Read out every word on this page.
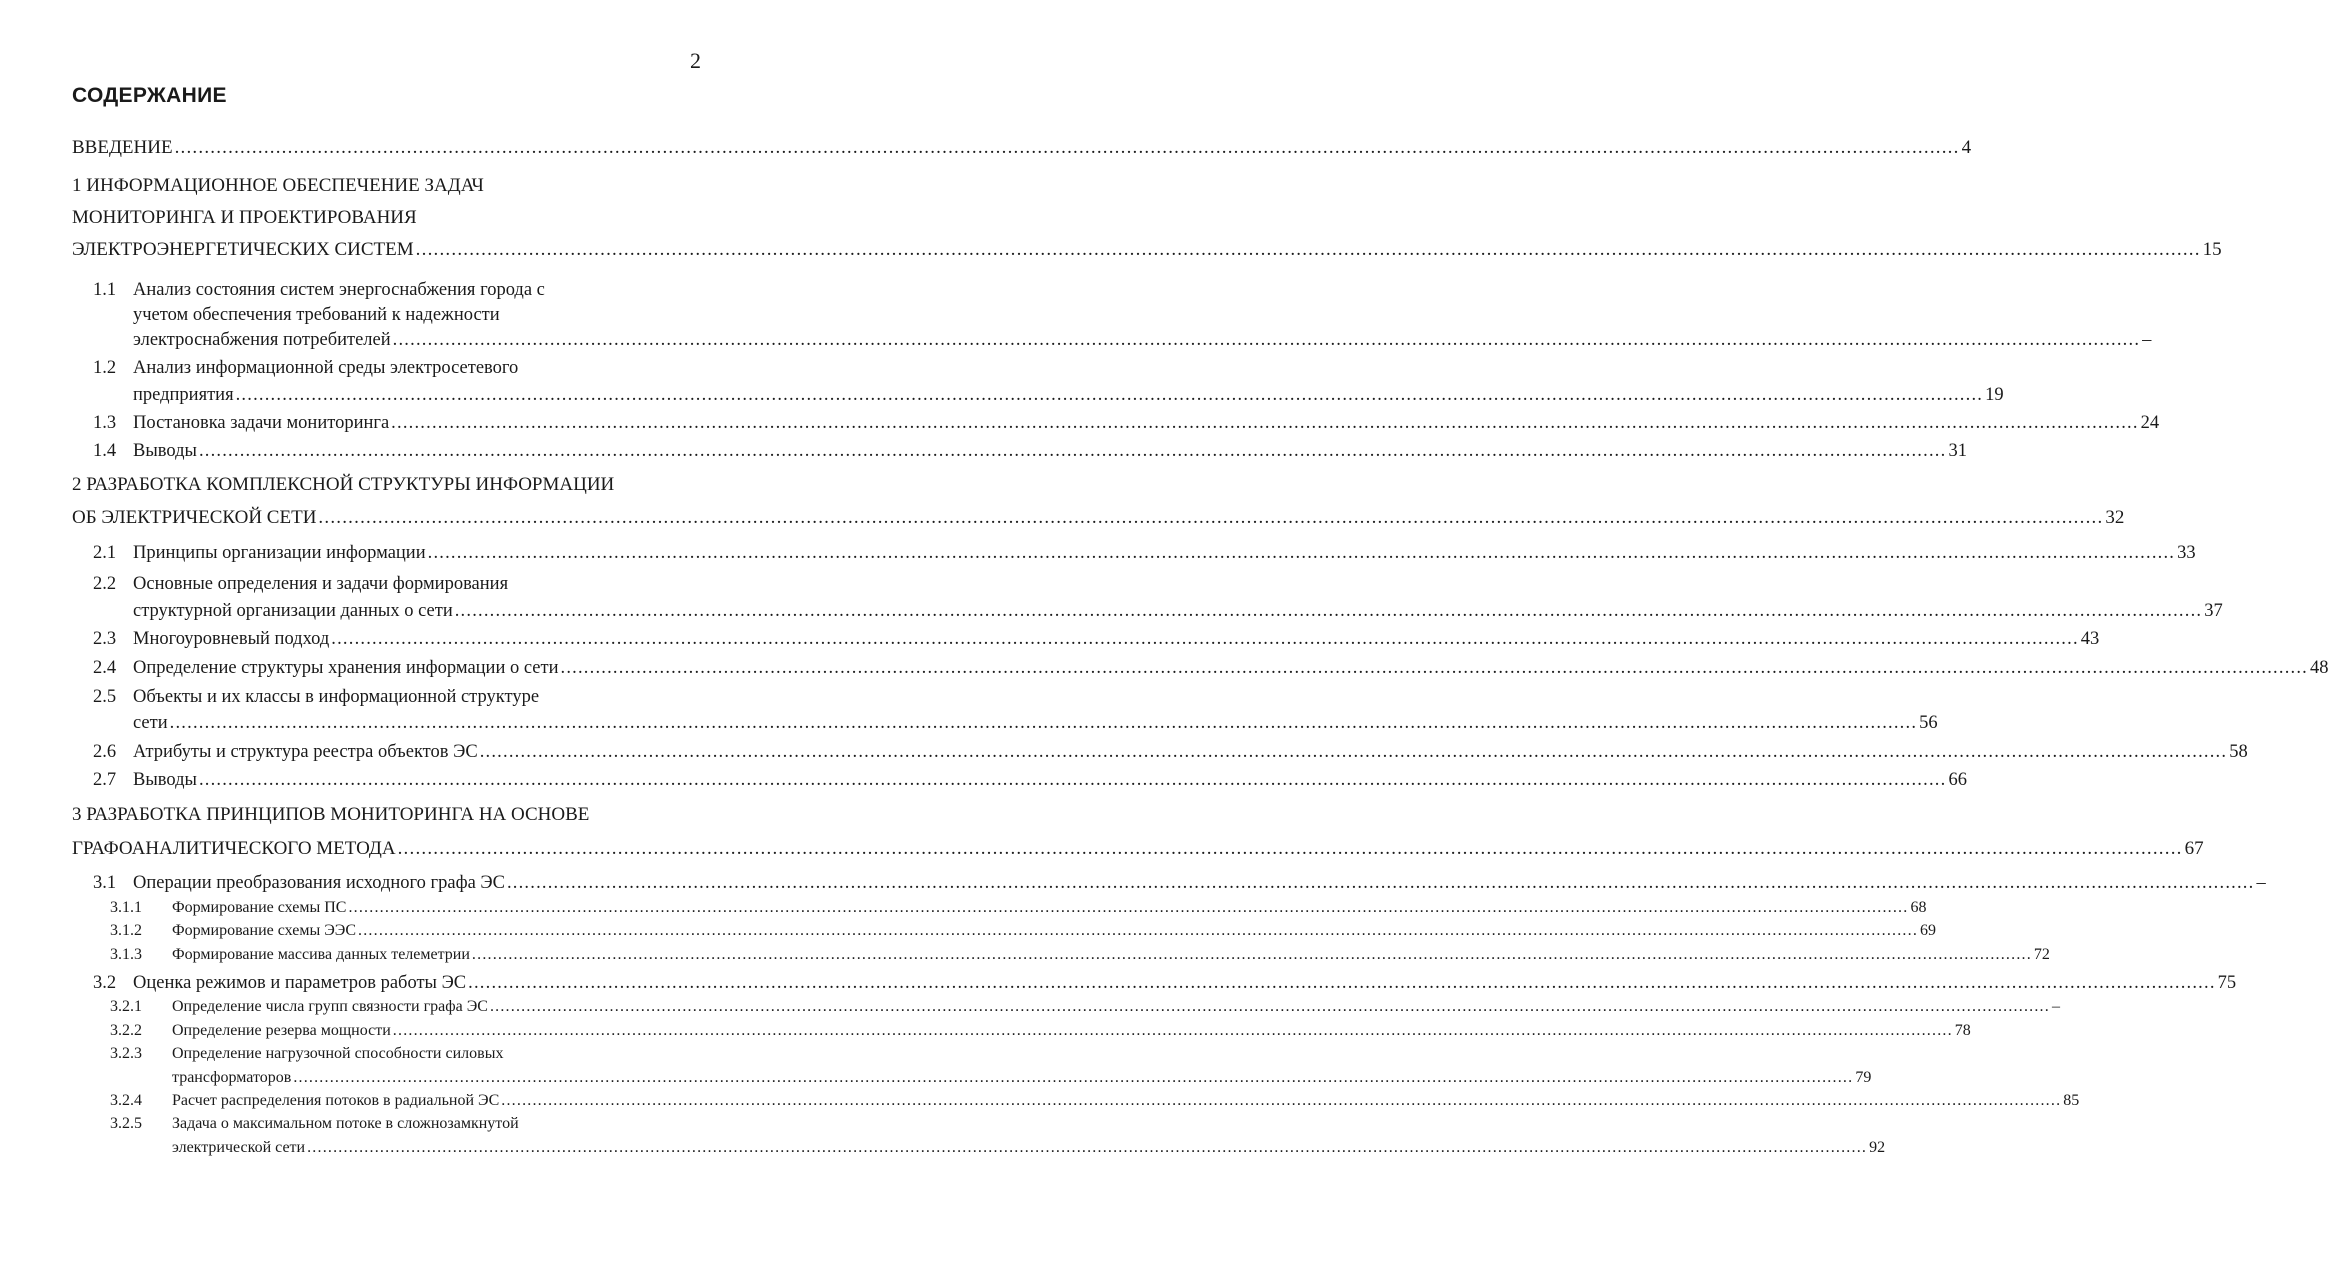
2
СОДЕРЖАНИЕ
ВВЕДЕНИЕ ............................................................................................................................................................................................................................................................................................................ 4
1 ИНФОРМАЦИОННОЕ ОБЕСПЕЧЕНИЕ ЗАДАЧ
МОНИТОРИНГА И ПРОЕКТИРОВАНИЯ
ЭЛЕКТРОЭНЕРГЕТИЧЕСКИХ СИСТЕМ ............................................................................................................................................................................................................................................................................................................ 15
1.1 Анализ состояния систем энергоснабжения города с
учетом обеспечения требований к надежности
электроснабжения потребителей ............................................................................................................................................................................................................................................................................................................ –
1.2 Анализ информационной среды электросетевого
предприятия ............................................................................................................................................................................................................................................................................................................ 19
1.3 Постановка задачи мониторинга ............................................................................................................................................................................................................................................................................................................ 24
1.4 Выводы ............................................................................................................................................................................................................................................................................................................ 31
2 РАЗРАБОТКА КОМПЛЕКСНОЙ СТРУКТУРЫ ИНФОРМАЦИИ
ОБ ЭЛЕКТРИЧЕСКОЙ СЕТИ ............................................................................................................................................................................................................................................................................................................ 32
2.1 Принципы организации информации ............................................................................................................................................................................................................................................................................................................ 33
2.2 Основные определения и задачи формирования
структурной организации данных о сети ............................................................................................................................................................................................................................................................................................................ 37
2.3 Многоуровневый подход ............................................................................................................................................................................................................................................................................................................ 43
2.4 Определение структуры хранения информации о сети ............................................................................................................................................................................................................................................................................................................ 48
2.5 Объекты и их классы в информационной структуре
сети ............................................................................................................................................................................................................................................................................................................ 56
2.6 Атрибуты и структура реестра объектов ЭС ............................................................................................................................................................................................................................................................................................................ 58
2.7 Выводы ............................................................................................................................................................................................................................................................................................................ 66
3 РАЗРАБОТКА ПРИНЦИПОВ МОНИТОРИНГА НА ОСНОВЕ
ГРАФОАНАЛИТИЧЕСКОГО МЕТОДА ............................................................................................................................................................................................................................................................................................................ 67
3.1 Операции преобразования исходного графа ЭС ............................................................................................................................................................................................................................................................................................................ –
3.1.1 Формирование схемы ПС ............................................................................................................................................................................................................................................................................................................ 68
3.1.2 Формирование схемы ЭЭС ............................................................................................................................................................................................................................................................................................................ 69
3.1.3 Формирование массива данных телеметрии ............................................................................................................................................................................................................................................................................................................ 72
3.2 Оценка режимов и параметров работы ЭС ............................................................................................................................................................................................................................................................................................................ 75
3.2.1 Определение числа групп связности графа ЭС ............................................................................................................................................................................................................................................................................................................ –
3.2.2 Определение резерва мощности ............................................................................................................................................................................................................................................................................................................ 78
3.2.3 Определение нагрузочной способности силовых
трансформаторов ............................................................................................................................................................................................................................................................................................................ 79
3.2.4 Расчет распределения потоков в радиальной ЭС ............................................................................................................................................................................................................................................................................................................ 85
3.2.5 Задача о максимальном потоке в сложнозамкнутой
электрической сети ............................................................................................................................................................................................................................................................................................................ 92
